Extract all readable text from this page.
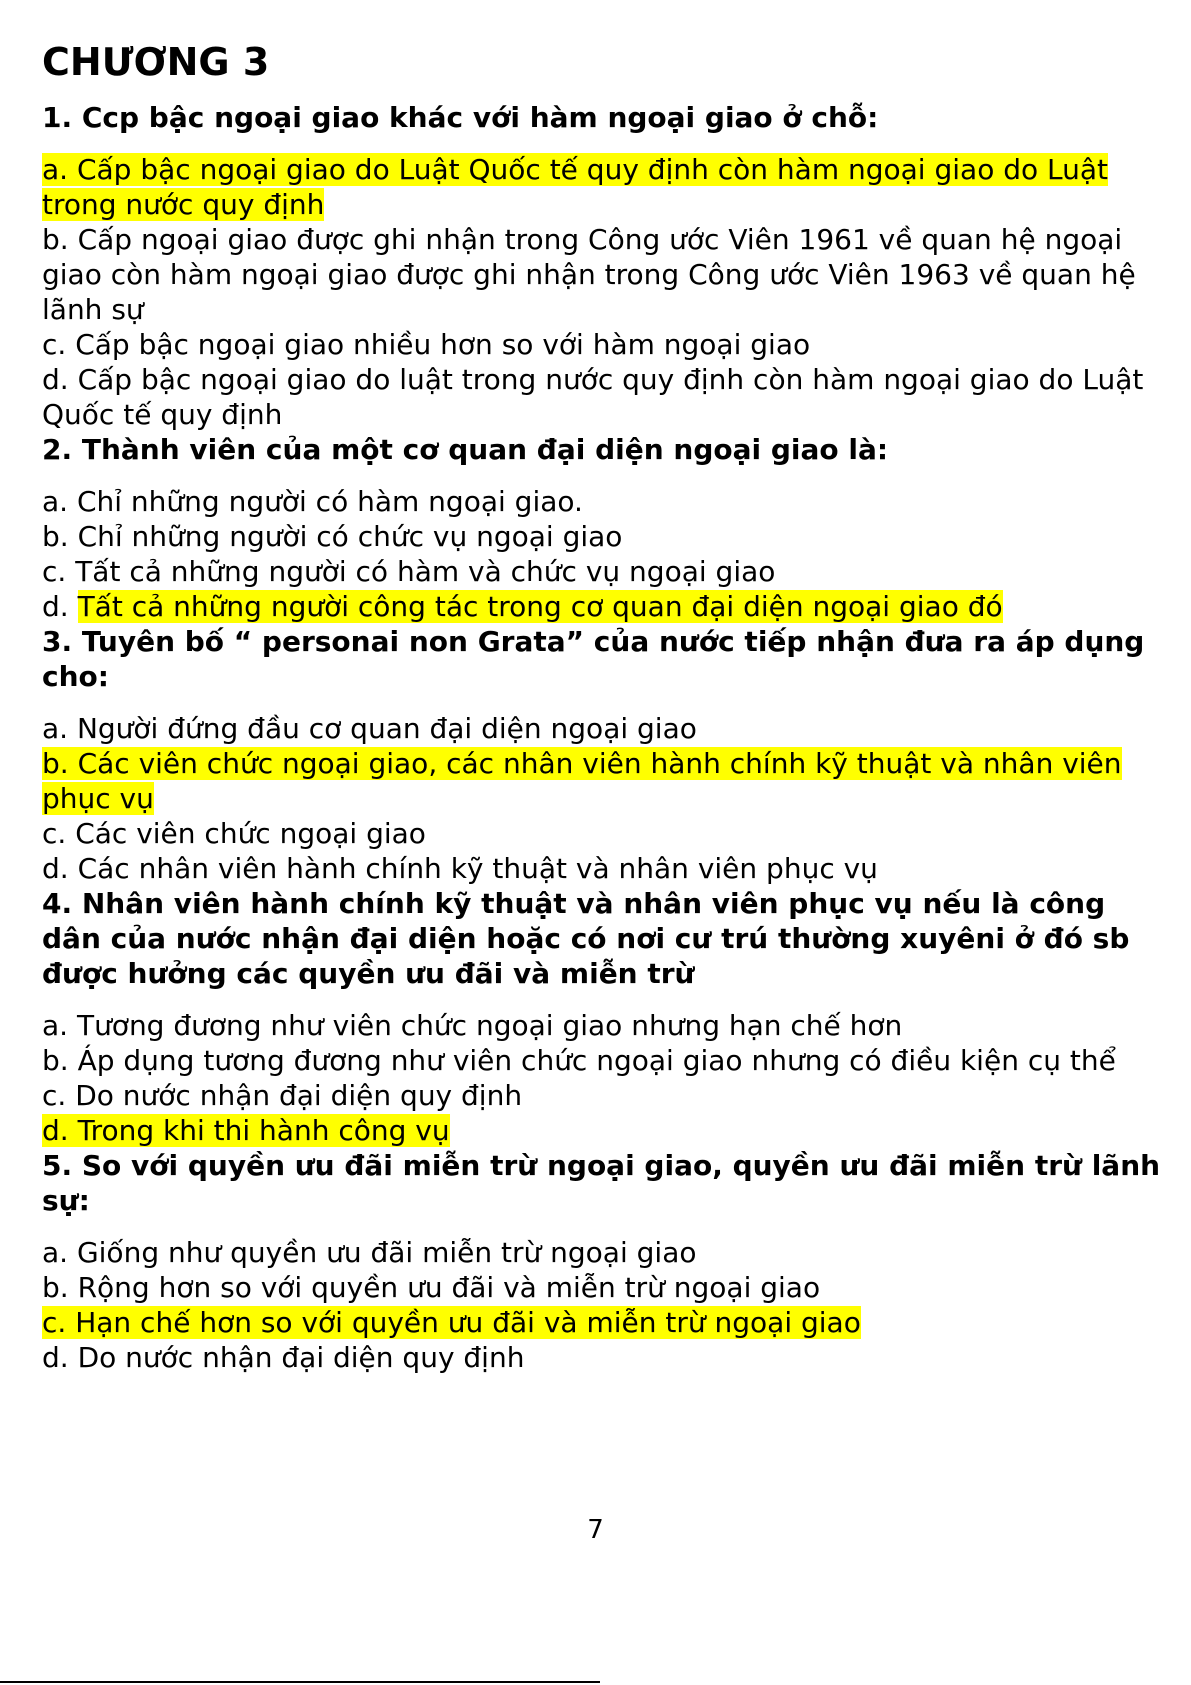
CHƯƠNG 3
1. Ccp bậc ngoại giao khác với hàm ngoại giao ở chỗ:
a. Cấp bậc ngoại giao do Luật Quốc tế quy định còn hàm ngoại giao do Luật trong nước quy định
b. Cấp ngoại giao được ghi nhận trong Công ước Viên 1961 về quan hệ ngoại giao còn hàm ngoại giao được ghi nhận trong Công ước Viên 1963 về quan hệ lãnh sự
c. Cấp bậc ngoại giao nhiều hơn so với hàm ngoại giao
d. Cấp bậc ngoại giao do luật trong nước quy định còn hàm ngoại giao do Luật Quốc tế quy định
2. Thành viên của một cơ quan đại diện ngoại giao là:
a. Chỉ những người có hàm ngoại giao.
b. Chỉ những người có chức vụ ngoại giao
c. Tất cả những người có hàm và chức vụ ngoại giao
d. Tất cả những người công tác trong cơ quan đại diện ngoại giao đó
3. Tuyên bố “ personai non Grata” của nước tiếp nhận đưa ra áp dụng cho:
a. Người đứng đầu cơ quan đại diện ngoại giao
b. Các viên chức ngoại giao, các nhân viên hành chính kỹ thuật và nhân viên phục vụ
c. Các viên chức ngoại giao
d. Các nhân viên hành chính kỹ thuật và nhân viên phục vụ
4. Nhân viên hành chính kỹ thuật và nhân viên phục vụ nếu là công dân của nước nhận đại diện hoặc có nơi cư trú thường xuyêni ở đó sb được hưởng các quyền ưu đãi và miễn trừ
a. Tương đương như viên chức ngoại giao nhưng hạn chế hơn
b. Áp dụng tương đương như viên chức ngoại giao nhưng có điều kiện cụ thể
c. Do nước nhận đại diện quy định
d. Trong khi thi hành công vụ
5. So với quyền ưu đãi miễn trừ ngoại giao, quyền ưu đãi miễn trừ lãnh sự:
a. Giống như quyền ưu đãi miễn trừ ngoại giao
b. Rộng hơn so với quyền ưu đãi và miễn trừ ngoại giao
c. Hạn chế hơn so với quyền ưu đãi và miễn trừ ngoại giao
d. Do nước nhận đại diện quy định
7
